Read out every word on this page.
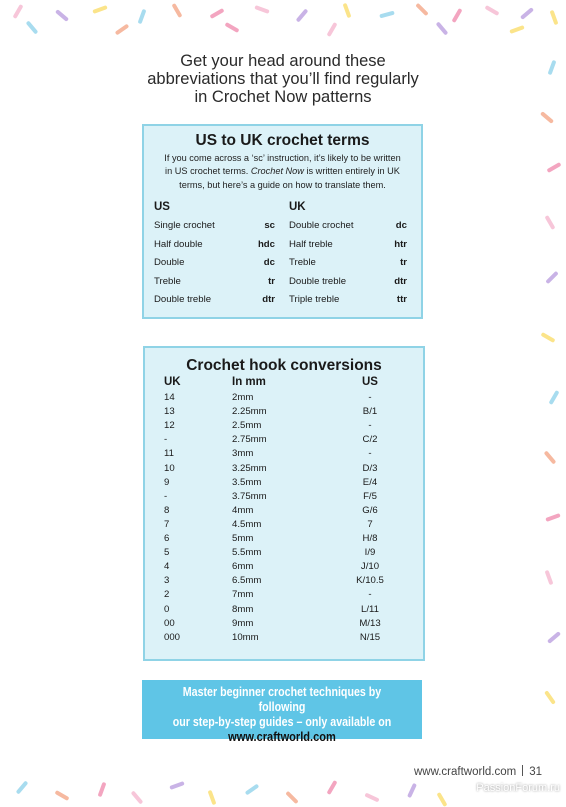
Get your head around these
abbreviations that you’ll find regularly
in Crochet Now patterns
US to UK crochet terms
If you come across a ‘sc’ instruction, it’s likely to be written
in US crochet terms. Crochet Now is written entirely in UK
terms, but here’s a guide on how to translate them.
US	UK
Single crochet	sc Double crochet	dc
Half double	hdc Half treble	htr
Double	dc Treble	tr
Treble	tr Double treble	dtr
Double treble	dtr Triple treble	ttr
Crochet hook conversions
UK	In mm	US
14	2mm	-
13	2.25mm	B/1
12	2.5mm	-
-	2.75mm	C/2
11	3mm	-
10	3.25mm	D/3
9	3.5mm	E/4
-	3.75mm	F/5
8	4mm	G/6
7	4.5mm	7
6	5mm	H/8
5	5.5mm	I/9
4	6mm	J/10
3	6.5mm	K/10.5
2	7mm	-
0	8mm	L/11
00	9mm	M/13
000	10mm	N/15
Master beginner crochet techniques by following
our step-by-step guides – only available on
www.craftworld.com
www.craftworld.com 31
PassionForum.ru
